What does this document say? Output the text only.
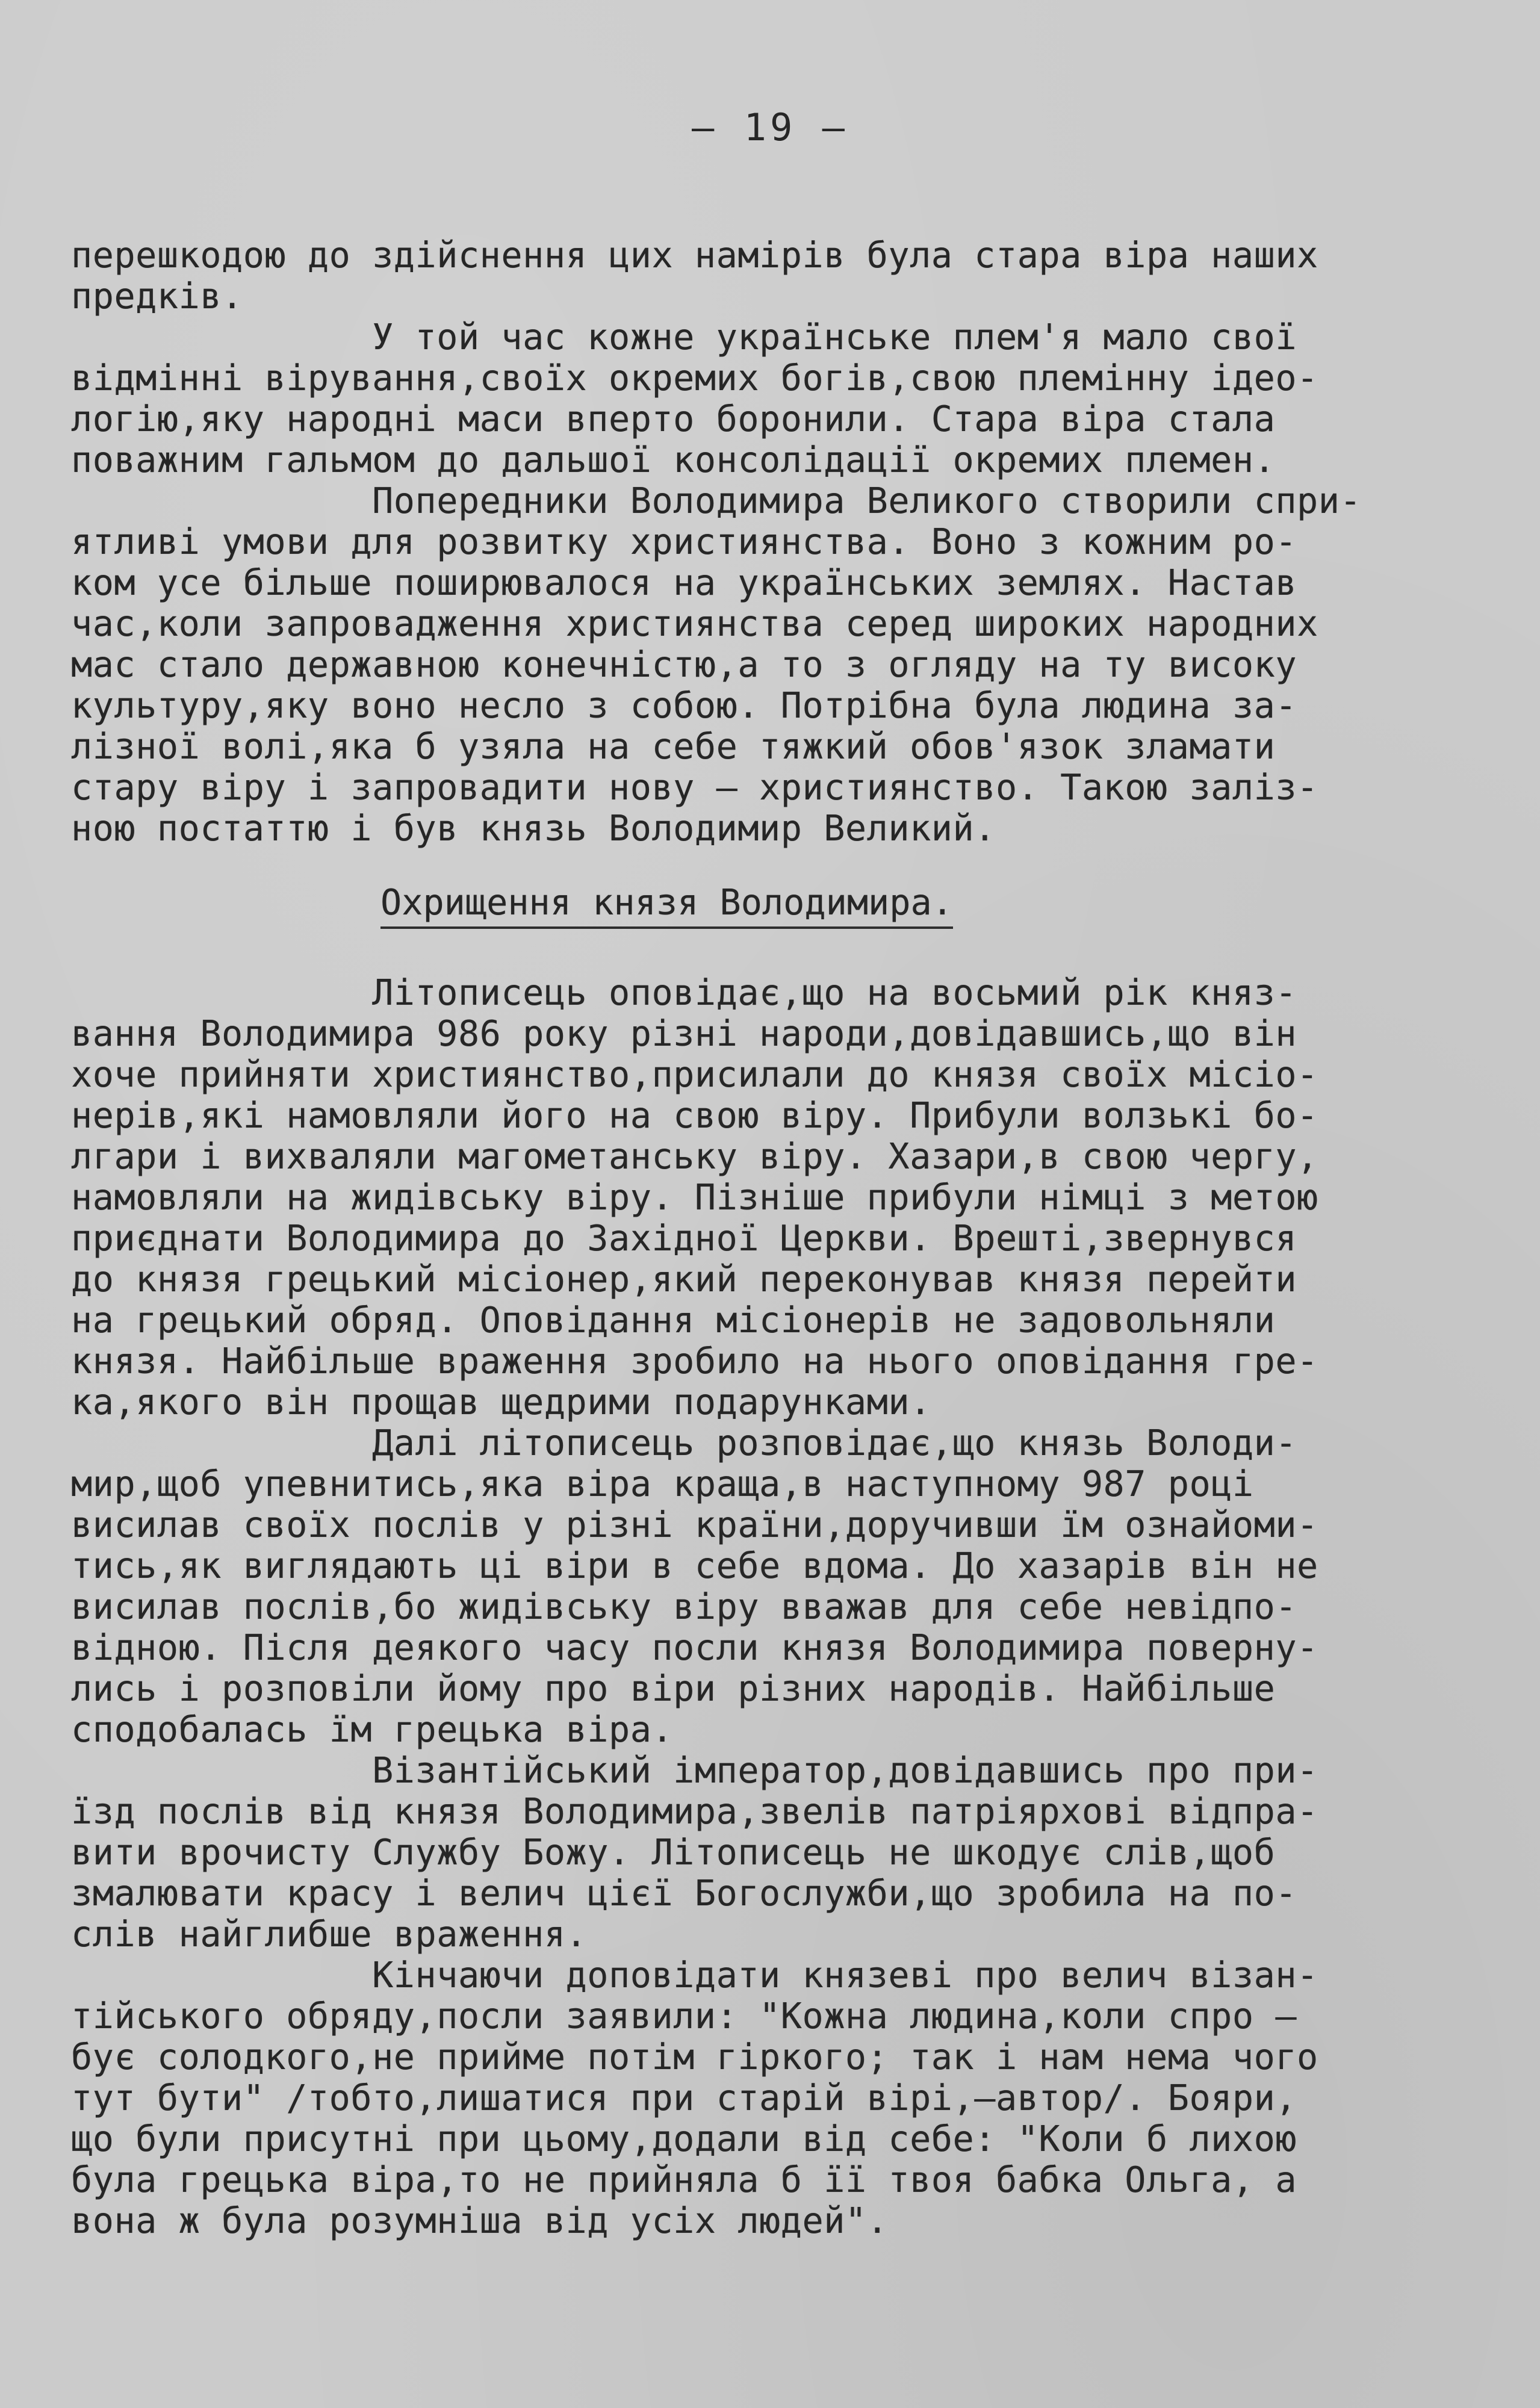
– 19 –
перешкодою до здійснення цих намірів була стара віра наших
предків.
У той час кожне українське плем'я мало свої
відмінні вірування,своїх окремих богів,свою племінну ідео-
логію,яку народні маси вперто боронили. Стара віра стала
поважним гальмом до дальшої консолідації окремих племен.
Попередники Володимира Великого створили спри-
ятливі умови для розвитку християнства. Воно з кожним ро-
ком усе більше поширювалося на українських землях. Настав
час,коли запровадження християнства серед широких народних
мас стало державною конечністю,а то з огляду на ту високу
культуру,яку воно несло з собою. Потрібна була людина за-
лізної волі,яка б узяла на себе тяжкий обов'язок зламати
стару віру і запровадити нову – християнство. Такою заліз-
ною постаттю і був князь Володимир Великий.
Охрищення князя Володимира.
Літописець оповідає,що на восьмий рік княз-
вання Володимира 986 року різні народи,довідавшись,що він
хоче прийняти християнство,присилали до князя своїх місіо-
нерів,які намовляли його на свою віру. Прибули волзькі бо-
лгари і вихваляли магометанську віру. Хазари,в свою чергу,
намовляли на жидівську віру. Пізніше прибули німці з метою
приєднати Володимира до Західної Церкви. Врешті,звернувся
до князя грецький місіонер,який переконував князя перейти
на грецький обряд. Оповідання місіонерів не задовольняли
князя. Найбільше враження зробило на нього оповідання гре-
ка,якого він прощав щедрими подарунками.
Далі літописець розповідає,що князь Володи-
мир,щоб упевнитись,яка віра краща,в наступному 987 році
висилав своїх послів у різні країни,доручивши їм ознайоми-
тись,як виглядають ці віри в себе вдома. До хазарів він не
висилав послів,бо жидівську віру вважав для себе невідпо-
відною. Після деякого часу посли князя Володимира поверну-
лись і розповіли йому про віри різних народів. Найбільше
сподобалась їм грецька віра.
Візантійський імператор,довідавшись про при-
їзд послів від князя Володимира,звелів патріярхові відпра-
вити врочисту Службу Божу. Літописець не шкодує слів,щоб
змалювати красу і велич цієї Богослужби,що зробила на по-
слів найглибше враження.
Кінчаючи доповідати князеві про велич візан-
тійського обряду,посли заявили: "Кожна людина,коли спро –
бує солодкого,не прийме потім гіркого; так і нам нема чого
тут бути" /тобто,лишатися при старій вірі,–автор/. Бояри,
що були присутні при цьому,додали від себе: "Коли б лихою
була грецька віра,то не прийняла б її твоя бабка Ольга, а
вона ж була розумніша від усіх людей".
